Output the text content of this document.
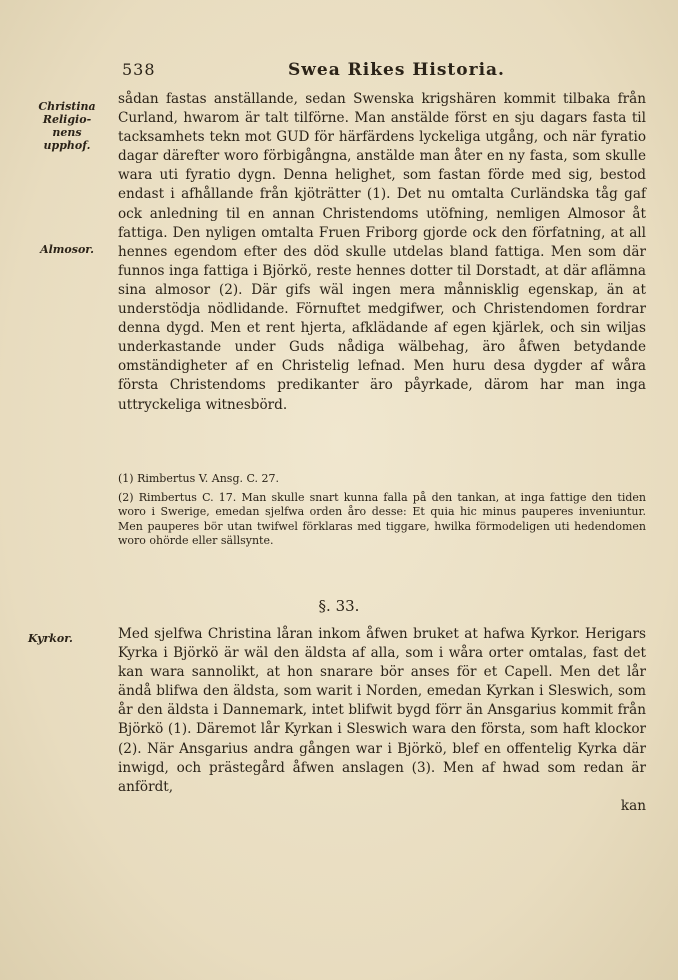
538	Swea Rikes Historia.
Christina
Religio-
nens
upphof.
Almosor.
Kyrkor.

sådan fastas anställande, sedan Swenska krigshären kommit tilbaka från Curland, hwarom är talt tilförne. Man anstälde först en sju dagars fasta til tacksamhets tekn mot GUD för härfärdens lyckeliga utgång, och när fyratio dagar därefter woro förbigångna, anstälde man åter en ny fasta, som skulle wara uti fyratio dygn. Denna helighet, som fastan förde med sig, bestod endast i afhållande från kjöträtter (1). Det nu omtalta Curländska tåg gaf ock anledning til en annan Christendoms utöfning, nemligen Almosor åt fattiga. Den nyligen omtalta Fruen Friborg gjorde ock den förfatning, at all hennes egendom efter des död skulle utdelas bland fattiga. Men som där funnos inga fattiga i Björkö, reste hennes dotter til Dorstadt, at där aflämna sina almosor (2). Där gifs wäl ingen mera månnisklig egenskap, än at understödja nödlidande. Förnuftet medgifwer, och Christendomen fordrar denna dygd. Men et rent hjerta, afklädande af egen kjärlek, och sin wiljas underkastande under Guds nådiga wälbehag, äro åfwen betydande omständigheter af en Christelig lefnad. Men huru desa dygder af wåra första Christendoms predikanter äro påyrkade, därom har man inga uttryckeliga witnesbörd.

(1) Rimbertus V. Ansg. C. 27.

(2) Rimbertus C. 17. Man skulle snart kunna falla på den tankan, at inga fattige den tiden woro i Swerige, emedan sjelfwa orden åro desse: Et quia hic minus pauperes inveniuntur. Men pauperes bör utan twifwel förklaras med tiggare, hwilka förmodeligen uti hedendomen woro ohörde eller sällsynte.

§. 33.

Med sjelfwa Christina låran inkom åfwen bruket at hafwa Kyrkor. Herigars Kyrka i Björkö är wäl den äldsta af alla, som i wåra orter omtalas, fast det kan wara sannolikt, at hon snarare bör anses för et Capell. Men det lår ändå blifwa den äldsta, som warit i Norden, emedan Kyrkan i Sleswich, som år den äldsta i Dannemark, intet blifwit bygd förr än Ansgarius kommit från Björkö (1). Däremot lår Kyrkan i Sleswich wara den första, som haft klockor (2). När Ansgarius andra gången war i Björkö, blef en offentelig Kyrka där inwigd, och prästegård åfwen anslagen (3). Men af hwad som redan är anfördt,

kan
